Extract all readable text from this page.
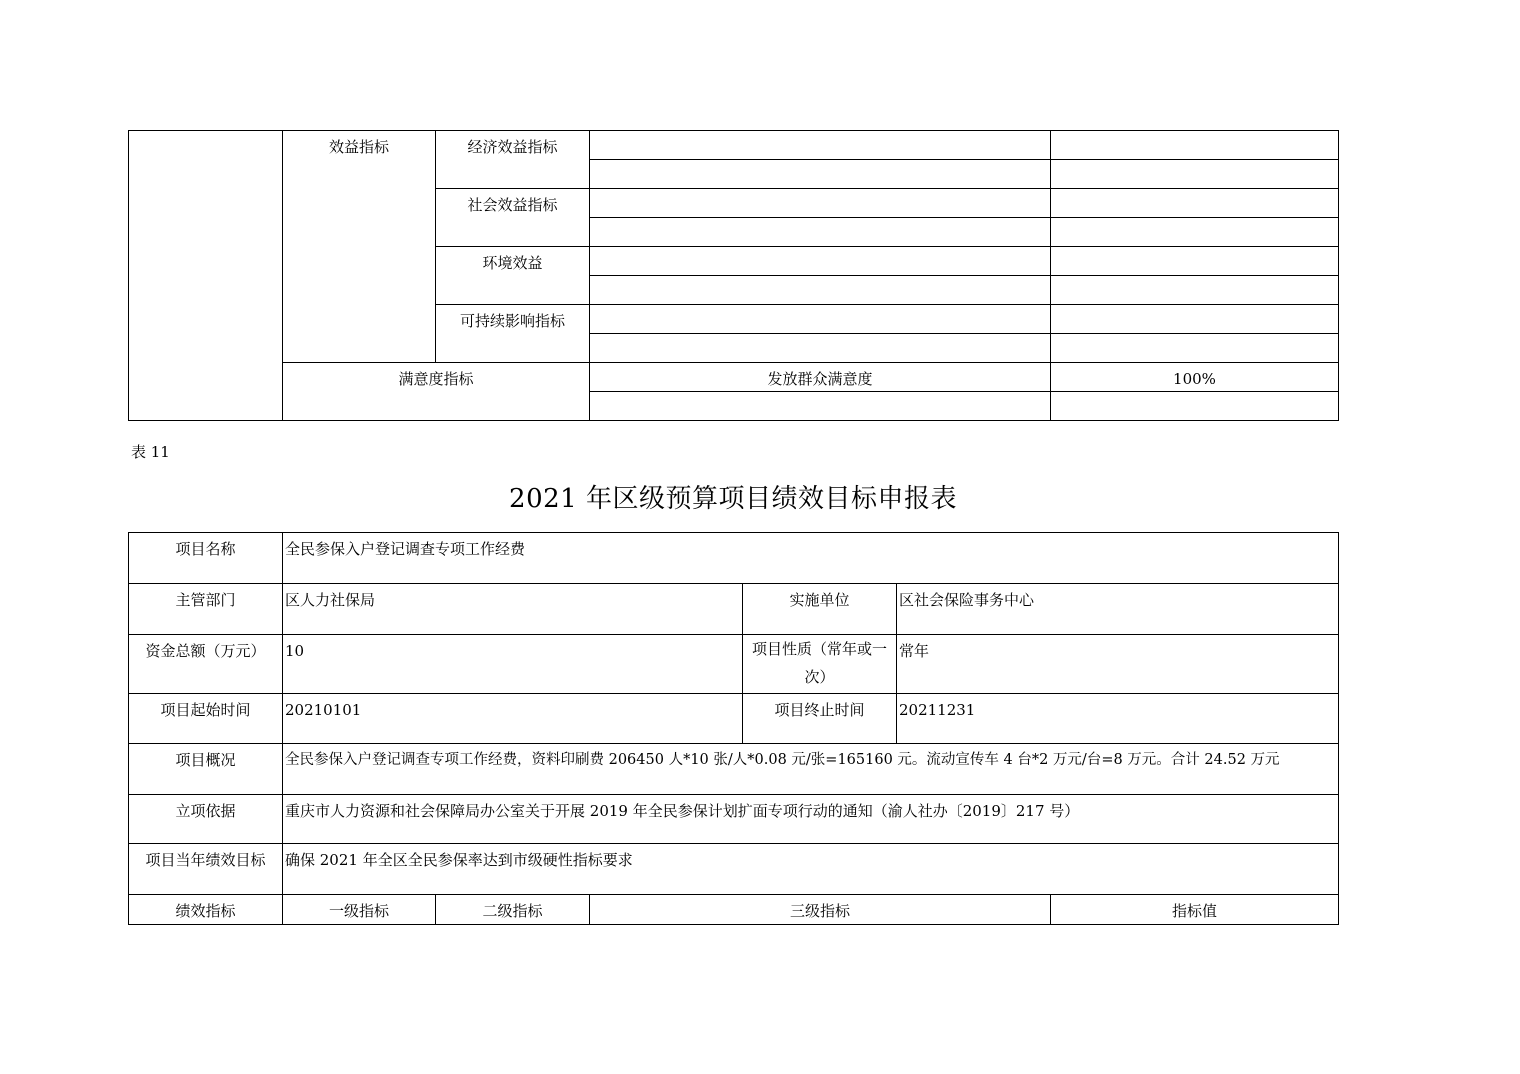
	效益指标	经济效益指标		

		社会效益指标		

		环境效益		

		可持续影响指标		

	满意度指标		发放群众满意度	100%

表 11
2021 年区级预算项目绩效目标申报表
项目名称	全民参保入户登记调查专项工作经费					
主管部门	区人力社保局			实施单位	区社会保险事务中心	
资金总额（万元）	10			项目性质（常年或一次）	常年	
项目起始时间	20210101			项目终止时间	20211231	
项目概况	全民参保入户登记调查专项工作经费，资料印刷费 206450 人*10 张/人*0.08 元/张=165160 元。流动宣传车 4 台*2 万元/台=8 万元。合计 24.52 万元					
立项依据	重庆市人力资源和社会保障局办公室关于开展 2019 年全民参保计划扩面专项行动的通知（渝人社办〔2019〕217 号）					
项目当年绩效目标	确保 2021 年全区全民参保率达到市级硬性指标要求					
绩效指标	一级指标	二级指标	三级指标			指标值
